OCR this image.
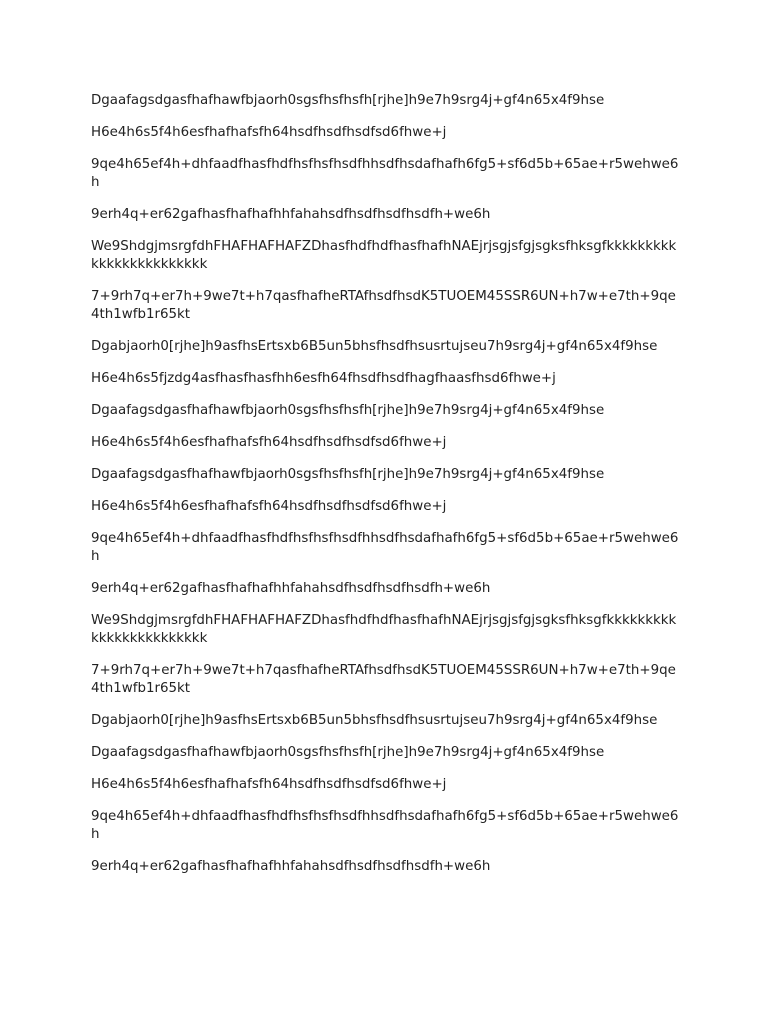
Dgaafagsdgasfhafhawfbjaorh0sgsfhsfhsfh[rjhe]h9e7h9srg4j+gf4n65x4f9hse

H6e4h6s5f4h6esfhafhafsfh64hsdfhsdfhsdfsd6fhwe+j

9qe4h65ef4h+dhfaadfhasfhdfhsfhsfhsdfhhsdfhsdafhafh6fg5+sf6d5b+65ae+r5wehwe6h

9erh4q+er62gafhasfhafhafhhfahahsdfhsdfhsdfhsdfh+we6h

We9ShdgjmsrgfdhFHAFHAFHAFZDhasfhdfhdfhasfhafhNAEjrjsgjsfgjsgksfhksgfkkkkkkkkkkkkkkkkkkkkkkkk

7+9rh7q+er7h+9we7t+h7qasfhafheRTAfhsdfhsdK5TUOEM45SSR6UN+h7w+e7th+9qe4th1wfb1r65kt

Dgabjaorh0[rjhe]h9asfhsErtsxb6B5un5bhsfhsdfhsusrtujseu7h9srg4j+gf4n65x4f9hse

H6e4h6s5fjzdg4asfhasfhasfhh6esfh64fhsdfhsdfhagfhaasfhsd6fhwe+j

Dgaafagsdgasfhafhawfbjaorh0sgsfhsfhsfh[rjhe]h9e7h9srg4j+gf4n65x4f9hse

H6e4h6s5f4h6esfhafhafsfh64hsdfhsdfhsdfsd6fhwe+j

Dgaafagsdgasfhafhawfbjaorh0sgsfhsfhsfh[rjhe]h9e7h9srg4j+gf4n65x4f9hse

H6e4h6s5f4h6esfhafhafsfh64hsdfhsdfhsdfsd6fhwe+j

9qe4h65ef4h+dhfaadfhasfhdfhsfhsfhsdfhhsdfhsdafhafh6fg5+sf6d5b+65ae+r5wehwe6h

9erh4q+er62gafhasfhafhafhhfahahsdfhsdfhsdfhsdfh+we6h

We9ShdgjmsrgfdhFHAFHAFHAFZDhasfhdfhdfhasfhafhNAEjrjsgjsfgjsgksfhksgfkkkkkkkkkkkkkkkkkkkkkkkk

7+9rh7q+er7h+9we7t+h7qasfhafheRTAfhsdfhsdK5TUOEM45SSR6UN+h7w+e7th+9qe4th1wfb1r65kt

Dgabjaorh0[rjhe]h9asfhsErtsxb6B5un5bhsfhsdfhsusrtujseu7h9srg4j+gf4n65x4f9hse

Dgaafagsdgasfhafhawfbjaorh0sgsfhsfhsfh[rjhe]h9e7h9srg4j+gf4n65x4f9hse

H6e4h6s5f4h6esfhafhafsfh64hsdfhsdfhsdfsd6fhwe+j

9qe4h65ef4h+dhfaadfhasfhdfhsfhsfhsdfhhsdfhsdafhafh6fg5+sf6d5b+65ae+r5wehwe6h

9erh4q+er62gafhasfhafhafhhfahahsdfhsdfhsdfhsdfh+we6h
